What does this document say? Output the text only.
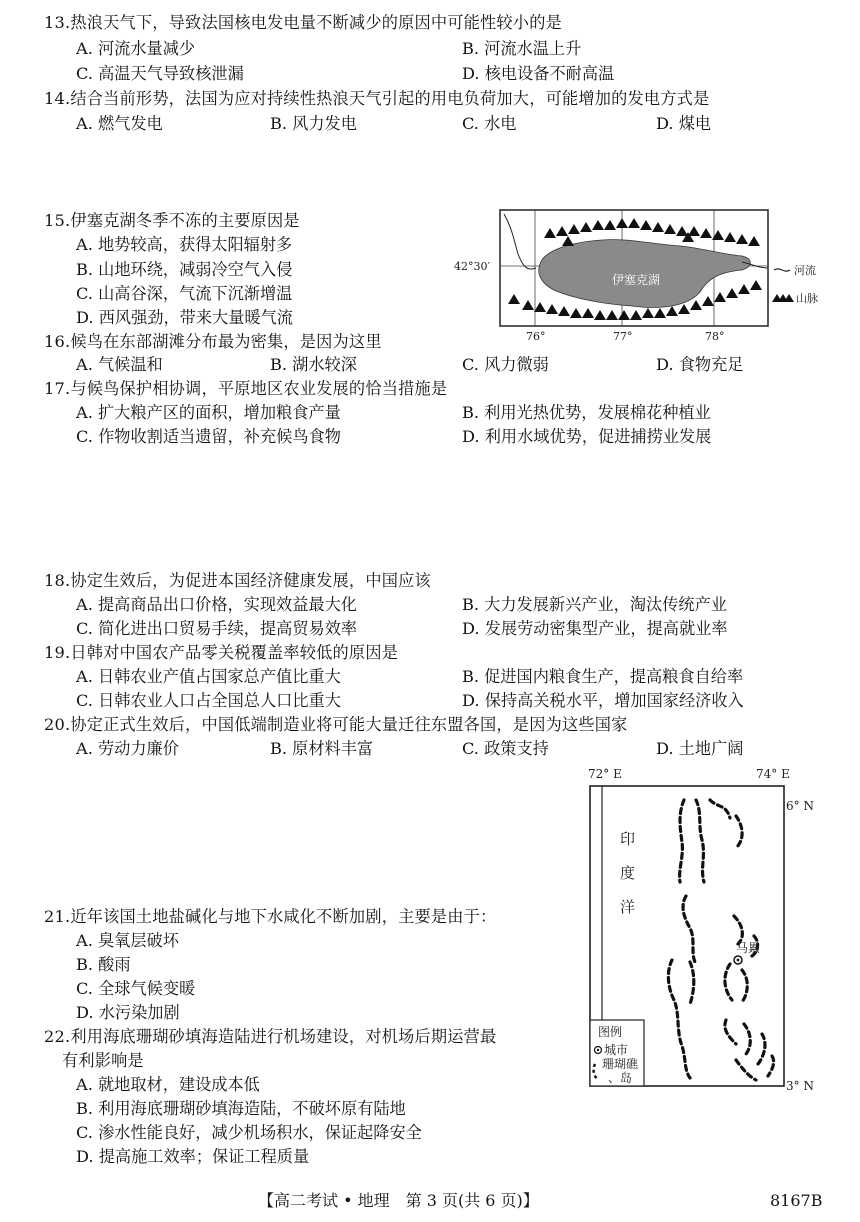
13.热浪天气下，导致法国核电发电量不断减少的原因中可能性较小的是
A. 河流水量减少	B. 河流水温上升
C. 高温天气导致核泄漏	D. 核电设备不耐高温
14.结合当前形势，法国为应对持续性热浪天气引起的用电负荷加大，可能增加的发电方式是
A. 燃气发电	B. 风力发电	C. 水电	D. 煤电
15.伊塞克湖冬季不冻的主要原因是
A. 地势较高，获得太阳辐射多
B. 山地环绕，减弱冷空气入侵
C. 山高谷深，气流下沉渐增温
D. 西风强劲，带来大量暖气流
42°30′
76°	77°	78°
伊塞克湖
河流
山脉
16.候鸟在东部湖滩分布最为密集，是因为这里
A. 气候温和	B. 湖水较深	C. 风力微弱	D. 食物充足
17.与候鸟保护相协调，平原地区农业发展的恰当措施是
A. 扩大粮产区的面积，增加粮食产量	B. 利用光热优势，发展棉花种植业
C. 作物收割适当遗留，补充候鸟食物	D. 利用水域优势，促进捕捞业发展
18.协定生效后，为促进本国经济健康发展，中国应该
A. 提高商品出口价格，实现效益最大化	B. 大力发展新兴产业，淘汰传统产业
C. 简化进出口贸易手续，提高贸易效率	D. 发展劳动密集型产业，提高就业率
19.日韩对中国农产品零关税覆盖率较低的原因是
A. 日韩农业产值占国家总产值比重大	B. 促进国内粮食生产，提高粮食自给率
C. 日韩农业人口占全国总人口比重大	D. 保持高关税水平，增加国家经济收入
20.协定正式生效后，中国低端制造业将可能大量迁往东盟各国，是因为这些国家
A. 劳动力廉价	B. 原材料丰富	C. 政策支持	D. 土地广阔
21.近年该国土地盐碱化与地下水咸化不断加剧，主要是由于：
A. 臭氧层破坏
B. 酸雨
C. 全球气候变暖
D. 水污染加剧
22.利用海底珊瑚砂填海造陆进行机场建设，对机场后期运营最
有利影响是
A. 就地取材，建设成本低
B. 利用海底珊瑚砂填海造陆，不破坏原有陆地
C. 渗水性能良好，减少机场积水，保证起降安全
D. 提高施工效率；保证工程质量
72° E	74° E
6° N
3° N
印
度
洋
马累
图例
城市
珊瑚礁
、岛
【高二考试 • 地理　第 3 页(共 6 页)】	8167B
